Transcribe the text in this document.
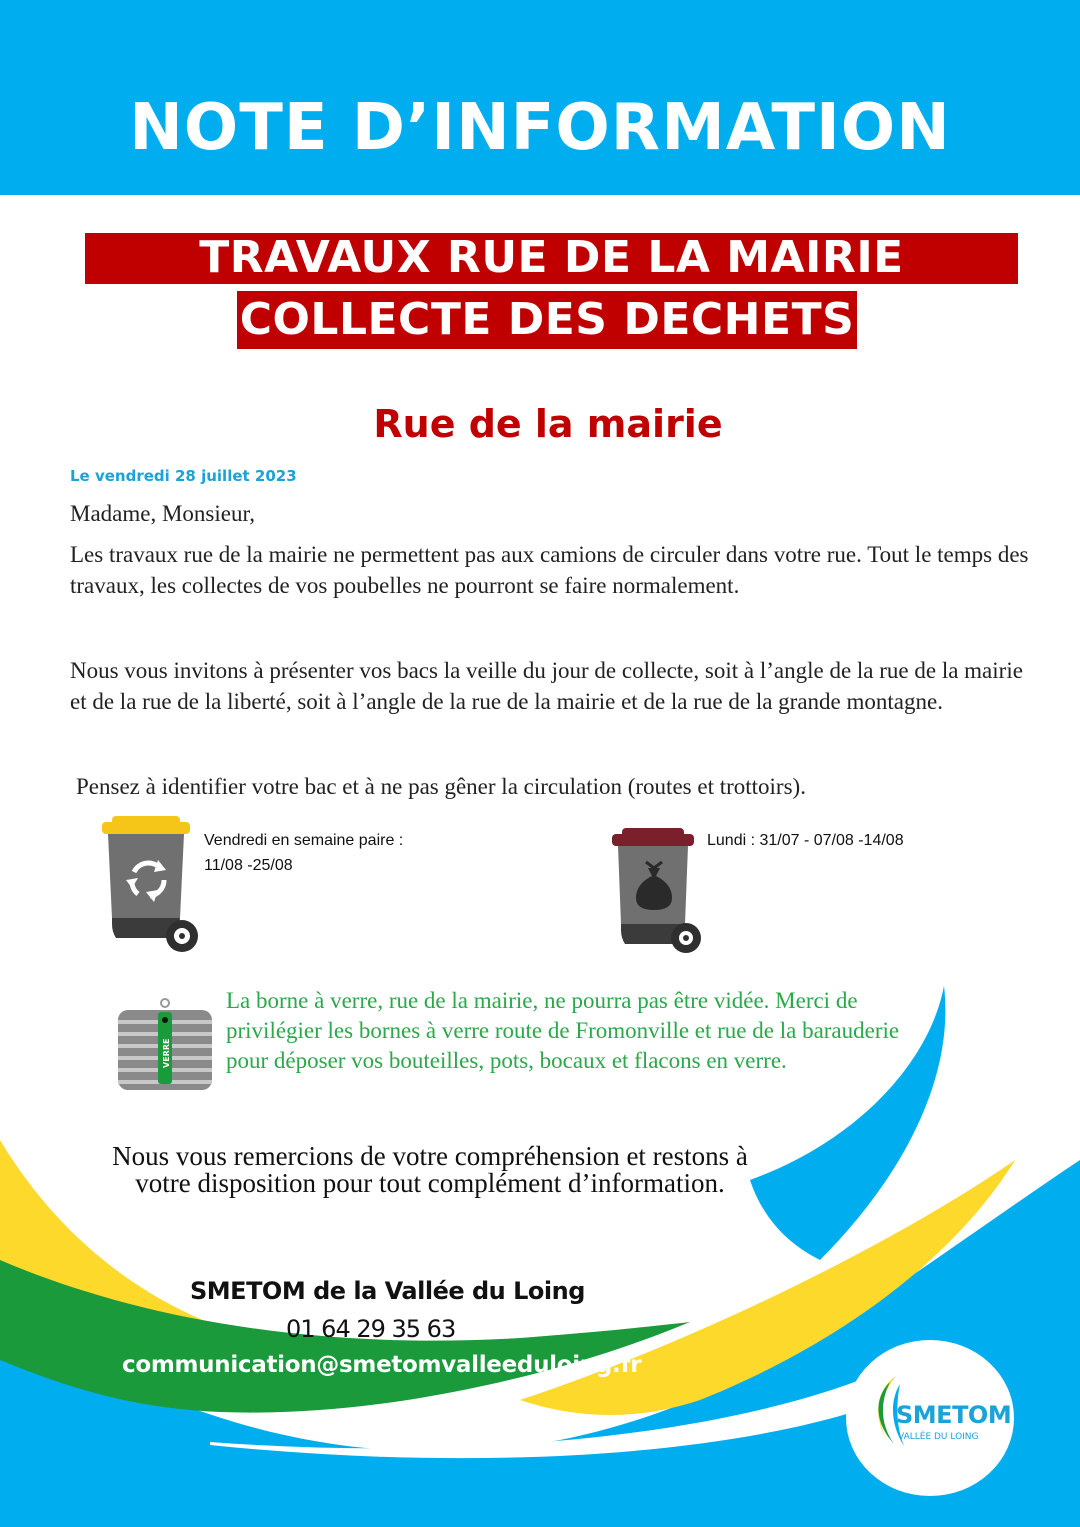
NOTE D’INFORMATION
TRAVAUX RUE DE LA MAIRIE
COLLECTE DES DECHETS
Rue de la mairie
Le vendredi 28 juillet 2023
Madame, Monsieur,
Les travaux rue de la mairie ne permettent pas aux camions de circuler dans votre rue. Tout le temps des travaux, les collectes de vos poubelles ne pourront se faire normalement.
Nous vous invitons à présenter vos bacs la veille du jour de collecte, soit à l’angle de la rue de la mairie et de la rue de la liberté, soit à l’angle de la rue de la mairie et de la rue de la grande montagne.
Pensez à identifier votre bac et à ne pas gêner la circulation (routes et trottoirs).
Vendredi en semaine paire :
11/08 -25/08
Lundi : 31/07 - 07/08 -14/08
VERRE
La borne à verre, rue de la mairie, ne pourra pas être vidée. Merci de privilégier les bornes à verre route de Fromonville et rue de la barauderie pour déposer vos bouteilles, pots, bocaux et flacons en verre.
Nous vous remercions de votre compréhension et restons à votre disposition pour tout complément d’information.
SMETOM de la Vallée du Loing
01 64 29 35 63
communication@smetomvalleeduloing.fr
SMETOM
VALLÉE DU LOING
